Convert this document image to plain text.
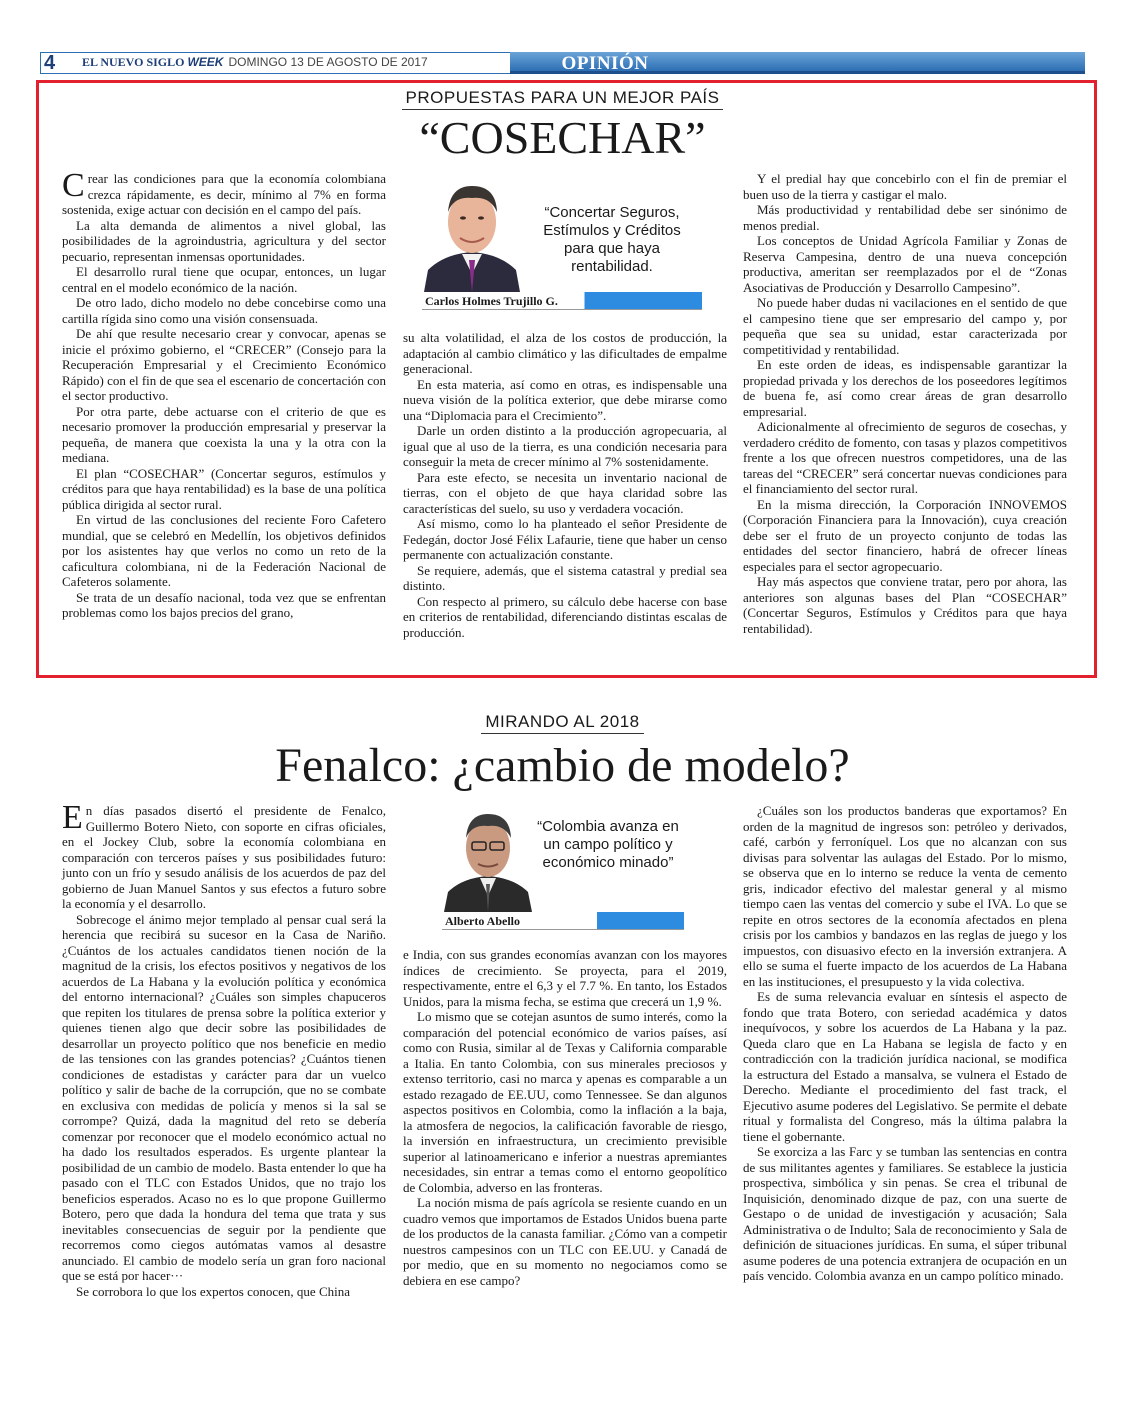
4 EL NUEVO SIGLO WEEK DOMINGO 13 DE AGOSTO DE 2017	OPINIÓN
PROPUESTAS PARA UN MEJOR PAÍS
“COSECHAR”

Crear las condiciones para que la economía colombiana crezca rápidamente, es decir, mínimo al 7% en forma sostenida, exige actuar con decisión en el campo del país.

La alta demanda de alimentos a nivel global, las posibilidades de la agroindustria, agricultura y del sector pecuario, representan inmensas oportunidades.

El desarrollo rural tiene que ocupar, entonces, un lugar central en el modelo económico de la nación.

De otro lado, dicho modelo no debe concebirse como una cartilla rígida sino como una visión consensuada.

De ahí que resulte necesario crear y convocar, apenas se inicie el próximo gobierno, el “CRECER” (Consejo para la Recuperación Empresarial y el Crecimiento Económico Rápido) con el fin de que sea el escenario de concertación con el sector productivo.

Por otra parte, debe actuarse con el criterio de que es necesario promover la producción empresarial y preservar la pequeña, de manera que coexista la una y la otra con la mediana.

El plan “COSECHAR” (Concertar seguros, estímulos y créditos para que haya rentabilidad) es la base de una política pública dirigida al sector rural.

En virtud de las conclusiones del reciente Foro Cafetero mundial, que se celebró en Medellín, los objetivos definidos por los asistentes hay que verlos no como un reto de la caficultura colombiana, ni de la Federación Nacional de Cafeteros solamente.

Se trata de un desafío nacional, toda vez que se enfrentan problemas como los bajos precios del grano,

“Concertar Seguros, Estímulos y Créditos para que haya rentabilidad.
Carlos Holmes Trujillo G.

su alta volatilidad, el alza de los costos de producción, la adaptación al cambio climático y las dificultades de empalme generacional.

En esta materia, así como en otras, es indispensable una nueva visión de la política exterior, que debe mirarse como una “Diplomacia para el Crecimiento”.

Darle un orden distinto a la producción agropecuaria, al igual que al uso de la tierra, es una condición necesaria para conseguir la meta de crecer mínimo al 7% sostenidamente.

Para este efecto, se necesita un inventario nacional de tierras, con el objeto de que haya claridad sobre las características del suelo, su uso y verdadera vocación.

Así mismo, como lo ha planteado el señor Presidente de Fedegán, doctor José Félix Lafaurie, tiene que haber un censo permanente con actualización constante.

Se requiere, además, que el sistema catastral y predial sea distinto.

Con respecto al primero, su cálculo debe hacerse con base en criterios de rentabilidad, diferenciando distintas escalas de producción.

Y el predial hay que concebirlo con el fin de premiar el buen uso de la tierra y castigar el malo.

Más productividad y rentabilidad debe ser sinónimo de menos predial.

Los conceptos de Unidad Agrícola Familiar y Zonas de Reserva Campesina, dentro de una nueva concepción productiva, ameritan ser reemplazados por el de “Zonas Asociativas de Producción y Desarrollo Campesino”.

No puede haber dudas ni vacilaciones en el sentido de que el campesino tiene que ser empresario del campo y, por pequeña que sea su unidad, estar caracterizada por competitividad y rentabilidad.

En este orden de ideas, es indispensable garantizar la propiedad privada y los derechos de los poseedores legítimos de buena fe, así como crear áreas de gran desarrollo empresarial.

Adicionalmente al ofrecimiento de seguros de cosechas, y verdadero crédito de fomento, con tasas y plazos competitivos frente a los que ofrecen nuestros competidores, una de las tareas del “CRECER” será concertar nuevas condiciones para el financiamiento del sector rural.

En la misma dirección, la Corporación INNOVEMOS (Corporación Financiera para la Innovación), cuya creación debe ser el fruto de un proyecto conjunto de todas las entidades del sector financiero, habrá de ofrecer líneas especiales para el sector agropecuario.

Hay más aspectos que conviene tratar, pero por ahora, las anteriores son algunas bases del Plan “COSECHAR” (Concertar Seguros, Estímulos y Créditos para que haya rentabilidad).

MIRANDO AL 2018
Fenalco: ¿cambio de modelo?

En días pasados disertó el presidente de Fenalco, Guillermo Botero Nieto, con soporte en cifras oficiales, en el Jockey Club, sobre la economía colombiana en comparación con terceros países y sus posibilidades futuro: junto con un frío y sesudo análisis de los acuerdos de paz del gobierno de Juan Manuel Santos y sus efectos a futuro sobre la economía y el desarrollo.

Sobrecoge el ánimo mejor templado al pensar cual será la herencia que recibirá su sucesor en la Casa de Nariño. ¿Cuántos de los actuales candidatos tienen noción de la magnitud de la crisis, los efectos positivos y negativos de los acuerdos de La Habana y la evolución política y económica del entorno internacional? ¿Cuáles son simples chapuceros que repiten los titulares de prensa sobre la política exterior y quienes tienen algo que decir sobre las posibilidades de desarrollar un proyecto político que nos beneficie en medio de las tensiones con las grandes potencias? ¿Cuántos tienen condiciones de estadistas y carácter para dar un vuelco político y salir de bache de la corrupción, que no se combate en exclusiva con medidas de policía y menos si la sal se corrompe? Quizá, dada la magnitud del reto se debería comenzar por reconocer que el modelo económico actual no ha dado los resultados esperados. Es urgente plantear la posibilidad de un cambio de modelo. Basta entender lo que ha pasado con el TLC con Estados Unidos, que no trajo los beneficios esperados. Acaso no es lo que propone Guillermo Botero, pero que dada la hondura del tema que trata y sus inevitables consecuencias de seguir por la pendiente que recorremos como ciegos autómatas vamos al desastre anunciado. El cambio de modelo sería un gran foro nacional que se está por hacer···

Se corrobora lo que los expertos conocen, que China

“Colombia avanza en un campo político y económico minado”
Alberto Abello

e India, con sus grandes economías avanzan con los mayores índices de crecimiento. Se proyecta, para el 2019, respectivamente, entre el 6,3 y el 7.7 %. En tanto, los Estados Unidos, para la misma fecha, se estima que crecerá un 1,9 %.

Lo mismo que se cotejan asuntos de sumo interés, como la comparación del potencial económico de varios países, así como con Rusia, similar al de Texas y California comparable a Italia. En tanto Colombia, con sus minerales preciosos y extenso territorio, casi no marca y apenas es comparable a un estado rezagado de EE.UU, como Tennessee. Se dan algunos aspectos positivos en Colombia, como la inflación a la baja, la atmosfera de negocios, la calificación favorable de riesgo, la inversión en infraestructura, un crecimiento previsible superior al latinoamericano e inferior a nuestras apremiantes necesidades, sin entrar a temas como el entorno geopolítico de Colombia, adverso en las fronteras.

La noción misma de país agrícola se resiente cuando en un cuadro vemos que importamos de Estados Unidos buena parte de los productos de la canasta familiar. ¿Cómo van a competir nuestros campesinos con un TLC con EE.UU. y Canadá de por medio, que en su momento no negociamos como se debiera en ese campo?

¿Cuáles son los productos banderas que exportamos? En orden de la magnitud de ingresos son: petróleo y derivados, café, carbón y ferroníquel. Los que no alcanzan con sus divisas para solventar las aulagas del Estado. Por lo mismo, se observa que en lo interno se reduce la venta de cemento gris, indicador efectivo del malestar general y al mismo tiempo caen las ventas del comercio y sube el IVA. Lo que se repite en otros sectores de la economía afectados en plena crisis por los cambios y bandazos en las reglas de juego y los impuestos, con disuasivo efecto en la inversión extranjera. A ello se suma el fuerte impacto de los acuerdos de La Habana en las instituciones, el presupuesto y la vida colectiva.

Es de suma relevancia evaluar en síntesis el aspecto de fondo que trata Botero, con seriedad académica y datos inequívocos, y sobre los acuerdos de La Habana y la paz. Queda claro que en La Habana se legisla de facto y en contradicción con la tradición jurídica nacional, se modifica la estructura del Estado a mansalva, se vulnera el Estado de Derecho. Mediante el procedimiento del fast track, el Ejecutivo asume poderes del Legislativo. Se permite el debate ritual y formalista del Congreso, más la última palabra la tiene el gobernante.

Se exorciza a las Farc y se tumban las sentencias en contra de sus militantes agentes y familiares. Se establece la justicia prospectiva, simbólica y sin penas. Se crea el tribunal de Inquisición, denominado dizque de paz, con una suerte de Gestapo o de unidad de investigación y acusación; Sala Administrativa o de Indulto; Sala de reconocimiento y Sala de definición de situaciones jurídicas. En suma, el súper tribunal asume poderes de una potencia extranjera de ocupación en un país vencido. Colombia avanza en un campo político minado.
